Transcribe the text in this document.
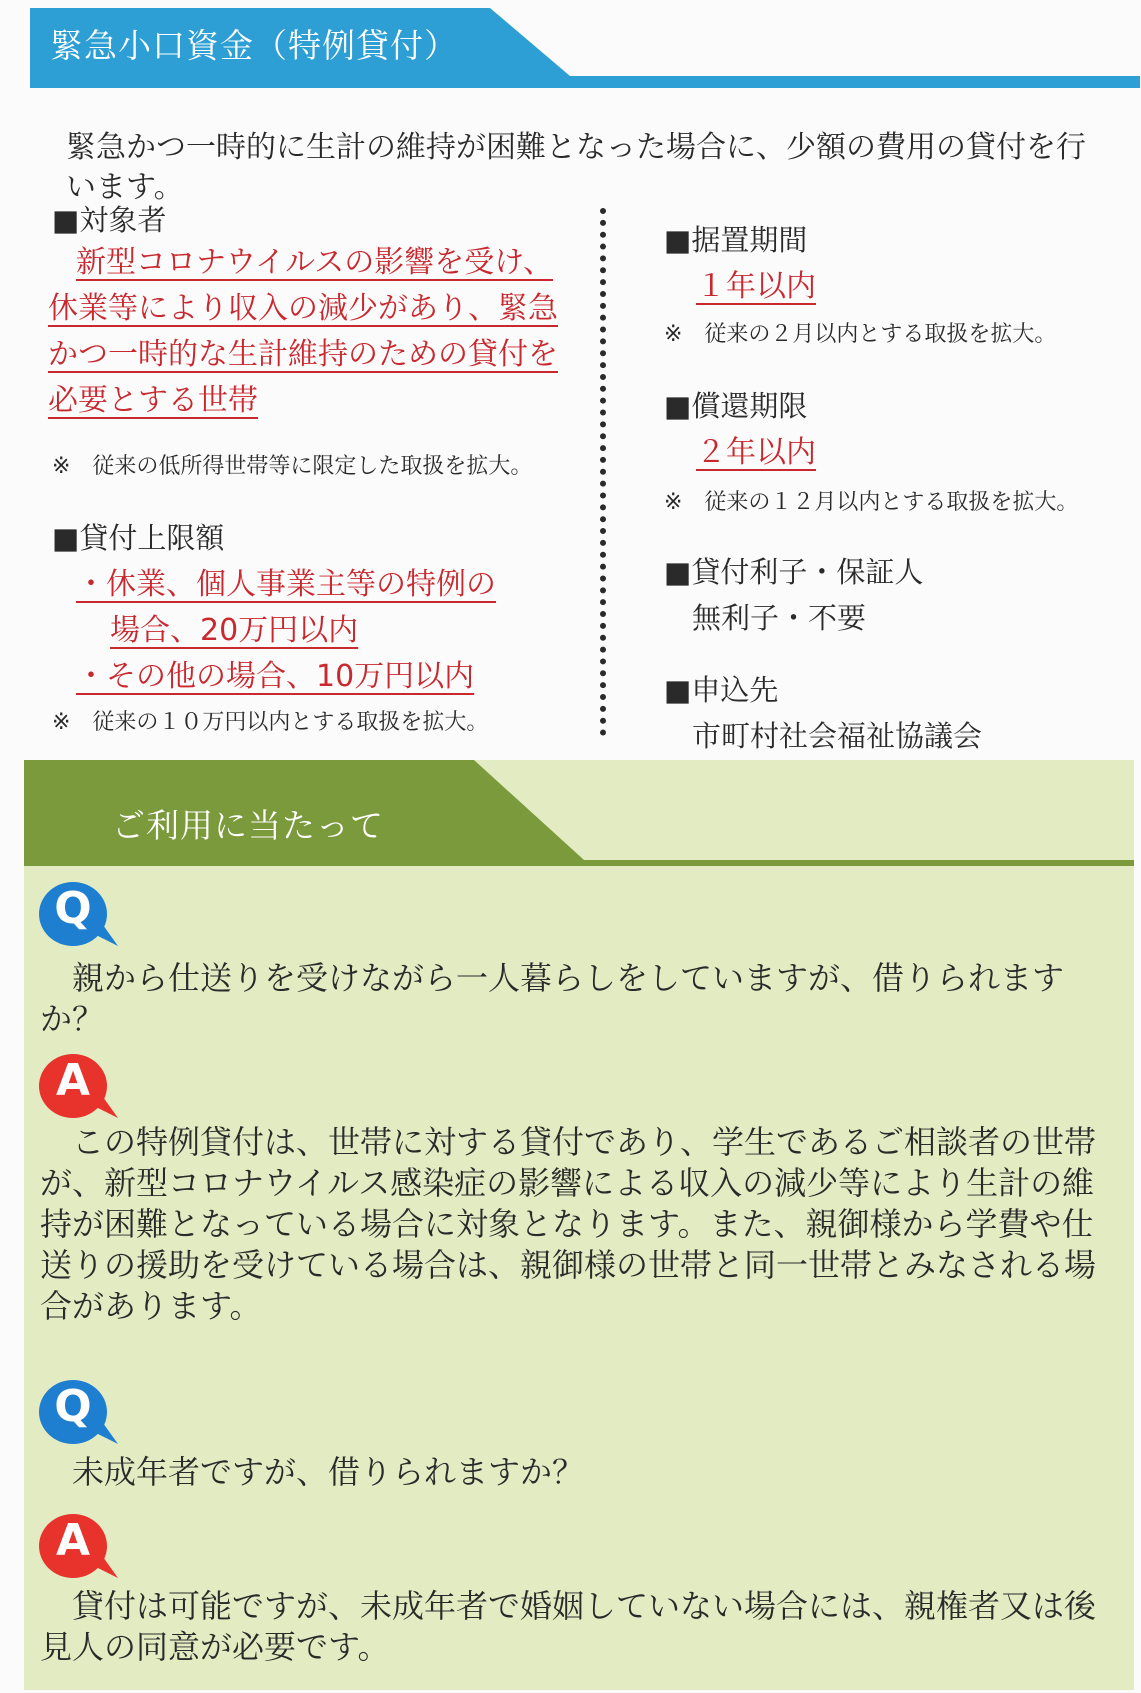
緊急小口資金（特例貸付）
緊急かつ一時的に生計の維持が困難となった場合に、少額の費用の貸付を行います。
■対象者
新型コロナウイルスの影響を受け、
休業等により収入の減少があり、緊急
かつ一時的な生計維持のための貸付を
必要とする世帯
※　従来の低所得世帯等に限定した取扱を拡大。
■貸付上限額
・休業、個人事業主等の特例の
場合、20万円以内
・その他の場合、10万円以内
※　従来の１０万円以内とする取扱を拡大。
■据置期間
１年以内
※　従来の２月以内とする取扱を拡大。
■償還期限
２年以内
※　従来の１２月以内とする取扱を拡大。
■貸付利子・保証人
無利子・不要
■申込先
市町村社会福祉協議会
ご利用に当たって
Q
親から仕送りを受けながら一人暮らしをしていますが、借りられますか？
A
この特例貸付は、世帯に対する貸付であり、学生であるご相談者の世帯が、新型コロナウイルス感染症の影響による収入の減少等により生計の維持が困難となっている場合に対象となります。また、親御様から学費や仕送りの援助を受けている場合は、親御様の世帯と同一世帯とみなされる場合があります。
Q
未成年者ですが、借りられますか？
A
貸付は可能ですが、未成年者で婚姻していない場合には、親権者又は後見人の同意が必要です。
